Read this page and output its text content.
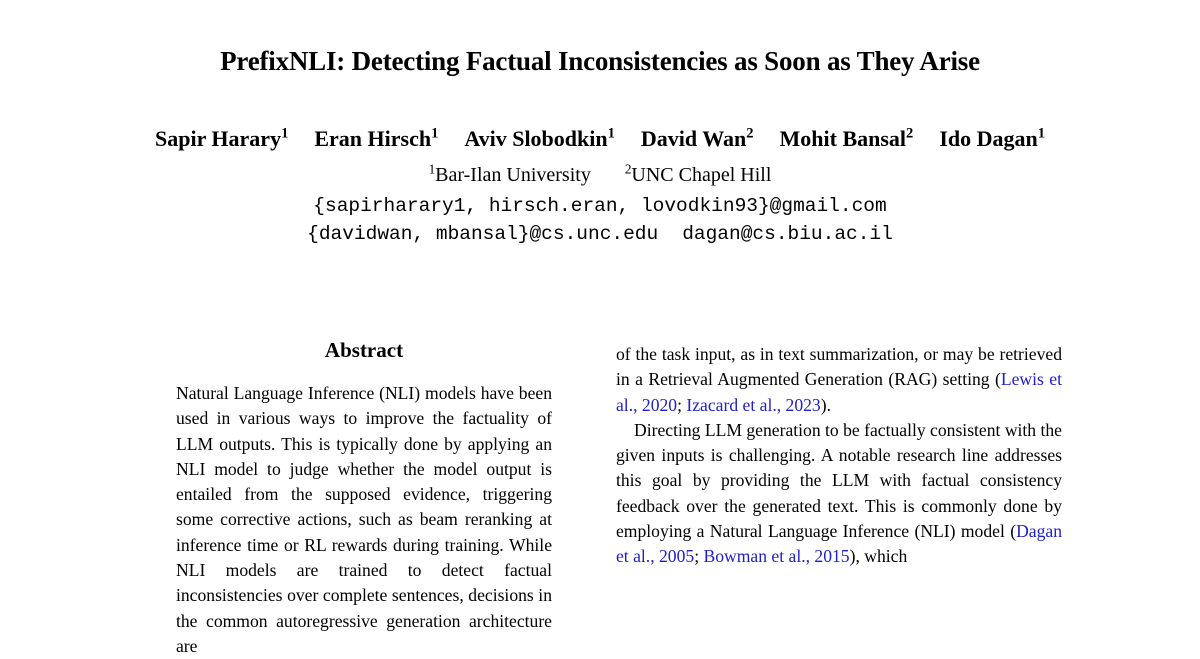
PrefixNLI: Detecting Factual Inconsistencies as Soon as They Arise
Sapir Harary$^1$ Eran Hirsch$^1$ Aviv Slobodkin$^1$ David Wan$^2$ Mohit Bansal$^2$ Ido Dagan$^1$
$^1$Bar-Ilan University	$^2$UNC Chapel Hill
{sapirharary1, hirsch.eran, lovodkin93}@gmail.com
{davidwan, mbansal}@cs.unc.edu dagan@cs.biu.ac.il
Abstract

Natural Language Inference (NLI) models have been used in various ways to improve the factuality of LLM outputs. This is typically done by applying an NLI model to judge whether the model output is entailed from the supposed evidence, triggering some corrective actions, such as beam reranking at inference time or RL rewards during training. While NLI models are trained to detect factual inconsistencies over complete sentences, decisions in the common autoregressive generation architecture are

of the task input, as in text summarization, or may be retrieved in a Retrieval Augmented Generation (RAG) setting (Lewis et al., 2020; Izacard et al., 2023).

Directing LLM generation to be factually consistent with the given inputs is challenging. A notable research line addresses this goal by providing the LLM with factual consistency feedback over the generated text. This is commonly done by employing a Natural Language Inference (NLI) model (Dagan et al., 2005; Bowman et al., 2015), which
